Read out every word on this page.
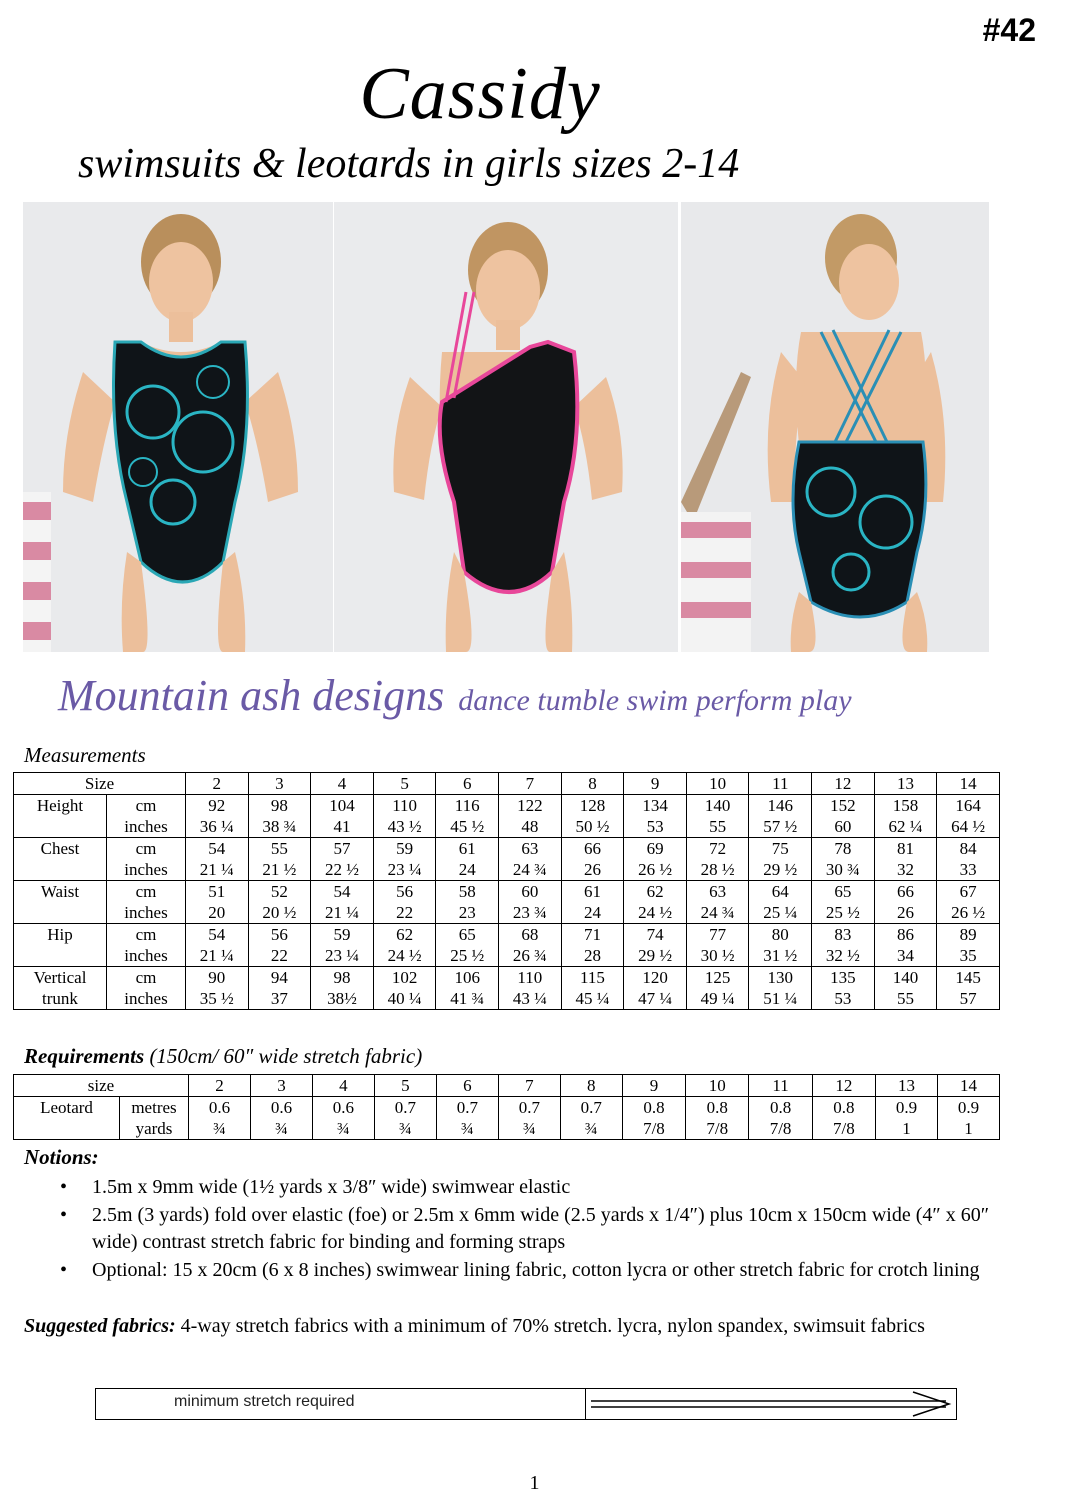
#42
Cassidy
swimsuits & leotards in girls sizes 2-14
Mountain ash designs dance tumble swim perform play
Measurements
Size		2	3	4	5	6	7	8	9	10	11	12	13	14
Height	cm	92	98	104	110	116	122	128	134	140	146	152	158	164
	inches	36 ¼	38 ¾	41	43 ½	45 ½	48	50 ½	53	55	57 ½	60	62 ¼	64 ½
Chest	cm	54	55	57	59	61	63	66	69	72	75	78	81	84
	inches	21 ¼	21 ½	22 ½	23 ¼	24	24 ¾	26	26 ½	28 ½	29 ½	30 ¾	32	33
Waist	cm	51	52	54	56	58	60	61	62	63	64	65	66	67
	inches	20	20 ½	21 ¼	22	23	23 ¾	24	24 ½	24 ¾	25 ¼	25 ½	26	26 ½
Hip	cm	54	56	59	62	65	68	71	74	77	80	83	86	89
	inches	21 ¼	22	23 ¼	24 ½	25 ½	26 ¾	28	29 ½	30 ½	31 ½	32 ½	34	35

Vertical
trunk	cm	90	94	98	102	106	110	115	120	125	130	135	140	145
	inches	35 ½	37	38½	40 ¼	41 ¾	43 ¼	45 ¼	47 ¼	49 ¼	51 ¼	53	55	57
Requirements (150cm/ 60″ wide stretch fabric)
size		2	3	4	5	6	7	8	9	10	11	12	13	14
Leotard	metres	0.6	0.6	0.6	0.7	0.7	0.7	0.7	0.8	0.8	0.8	0.8	0.9	0.9
	yards	¾	¾	¾	¾	¾	¾	¾	7/8	7/8	7/8	7/8	1	1
Notions:
• 1.5m x 9mm wide (1½ yards x 3/8″ wide) swimwear elastic
• 2.5m (3 yards) fold over elastic (foe) or 2.5m x 6mm wide (2.5 yards x 1/4″) plus 10cm x 150cm wide (4″ x 60″ wide) contrast stretch fabric for binding and forming straps
• Optional: 15 x 20cm (6 x 8 inches) swimwear lining fabric, cotton lycra or other stretch fabric for crotch lining
Suggested fabrics: 4-way stretch fabrics with a minimum of 70% stretch. lycra, nylon spandex, swimsuit fabrics
minimum stretch required
1
